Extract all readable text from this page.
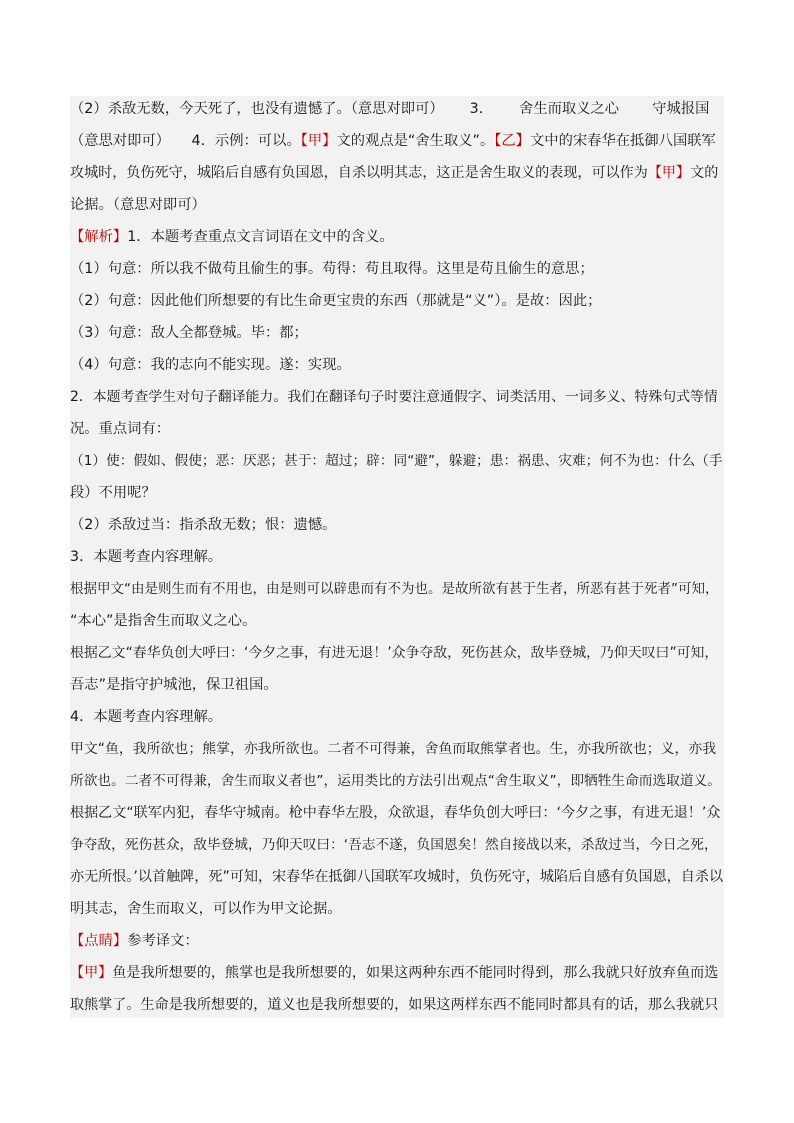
（2）杀敌无数，今天死了，也没有遗憾了。（意思对即可）　　 3．　　 舍生而取义之心　　 守城报国
（意思对即可）　　4．示例：可以。【甲】文的观点是“舍生取义”。【乙】文中的宋春华在抵御八国联军
攻城时，负伤死守，城陷后自感有负国恩，自杀以明其志，这正是舍生取义的表现，可以作为【甲】文的
论据。（意思对即可）
【解析】1．本题考查重点文言词语在文中的含义。
（1）句意：所以我不做苟且偷生的事。苟得：苟且取得。这里是苟且偷生的意思；
（2）句意：因此他们所想要的有比生命更宝贵的东西（那就是“义”）。是故：因此；
（3）句意：敌人全都登城。毕：都；
（4）句意：我的志向不能实现。遂：实现。
2．本题考查学生对句子翻译能力。我们在翻译句子时要注意通假字、词类活用、一词多义、特殊句式等情
况。重点词有：
（1）使：假如、假使；恶：厌恶；甚于：超过；辟：同“避”，躲避；患：祸患、灾难；何不为也：什么（手
段）不用呢？
（2）杀敌过当：指杀敌无数；恨：遗憾。
3．本题考查内容理解。
根据甲文“由是则生而有不用也，由是则可以辟患而有不为也。是故所欲有甚于生者，所恶有甚于死者”可知，
“本心”是指舍生而取义之心。
根据乙文“春华负创大呼曰：‘今夕之事，有进无退！’众争夺敌，死伤甚众，敌毕登城，乃仰天叹曰”可知，
吾志”是指守护城池，保卫祖国。
4．本题考查内容理解。
甲文“鱼，我所欲也；熊掌，亦我所欲也。二者不可得兼，舍鱼而取熊掌者也。生，亦我所欲也；义，亦我
所欲也。二者不可得兼，舍生而取义者也”，运用类比的方法引出观点“舍生取义”，即牺牲生命而选取道义。
根据乙文“联军内犯，春华守城南。枪中春华左股，众欲退，春华负创大呼曰：‘今夕之事，有进无退！’众
争夺敌，死伤甚众，敌毕登城，乃仰天叹曰：‘吾志不遂，负国恩矣！然自接战以来，杀敌过当，今日之死，
亦无所恨。’以首触陴，死”可知，宋春华在抵御八国联军攻城时，负伤死守，城陷后自感有负国恩，自杀以
明其志，舍生而取义，可以作为甲文论据。
【点睛】参考译文：
【甲】鱼是我所想要的，熊掌也是我所想要的，如果这两种东西不能同时得到，那么我就只好放弃鱼而选
取熊掌了。生命是我所想要的，道义也是我所想要的，如果这两样东西不能同时都具有的话，那么我就只
